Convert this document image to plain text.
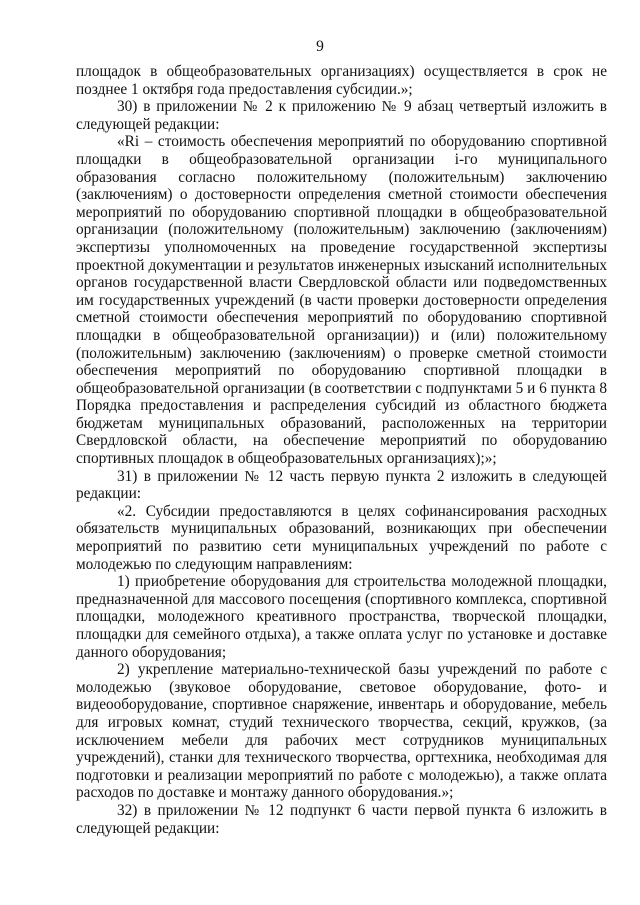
9

площадок в общеобразовательных организациях) осуществляется в срок не позднее 1 октября года предоставления субсидии.»;

30) в приложении № 2 к приложению № 9 абзац четвертый изложить в следующей редакции:

«Ri – стоимость обеспечения мероприятий по оборудованию спортивной площадки в общеобразовательной организации i-го муниципального образования согласно положительному (положительным) заключению (заключениям) о достоверности определения сметной стоимости обеспечения мероприятий по оборудованию спортивной площадки в общеобразовательной организации (положительному (положительным) заключению (заключениям) экспертизы уполномоченных на проведение государственной экспертизы проектной документации и результатов инженерных изысканий исполнительных органов государственной власти Свердловской области или подведомственных им государственных учреждений (в части проверки достоверности определения сметной стоимости обеспечения мероприятий по оборудованию спортивной площадки в общеобразовательной организации)) и (или) положительному (положительным) заключению (заключениям) о проверке сметной стоимости обеспечения мероприятий по оборудованию спортивной площадки в общеобразовательной организации (в соответствии с подпунктами 5 и 6 пункта 8 Порядка предоставления и распределения субсидий из областного бюджета бюджетам муниципальных образований, расположенных на территории Свердловской области, на обеспечение мероприятий по оборудованию спортивных площадок в общеобразовательных организациях);»;

31) в приложении № 12 часть первую пункта 2 изложить в следующей редакции:

«2. Субсидии предоставляются в целях софинансирования расходных обязательств муниципальных образований, возникающих при обеспечении мероприятий по развитию сети муниципальных учреждений по работе с молодежью по следующим направлениям:

1) приобретение оборудования для строительства молодежной площадки, предназначенной для массового посещения (спортивного комплекса, спортивной площадки, молодежного креативного пространства, творческой площадки, площадки для семейного отдыха), а также оплата услуг по установке и доставке данного оборудования;

2) укрепление материально-технической базы учреждений по работе с молодежью (звуковое оборудование, световое оборудование, фото- и видеооборудование, спортивное снаряжение, инвентарь и оборудование, мебель для игровых комнат, студий технического творчества, секций, кружков, (за исключением мебели для рабочих мест сотрудников муниципальных учреждений), станки для технического творчества, оргтехника, необходимая для подготовки и реализации мероприятий по работе с молодежью), а также оплата расходов по доставке и монтажу данного оборудования.»;

32) в приложении № 12 подпункт 6 части первой пункта 6 изложить в следующей редакции:
